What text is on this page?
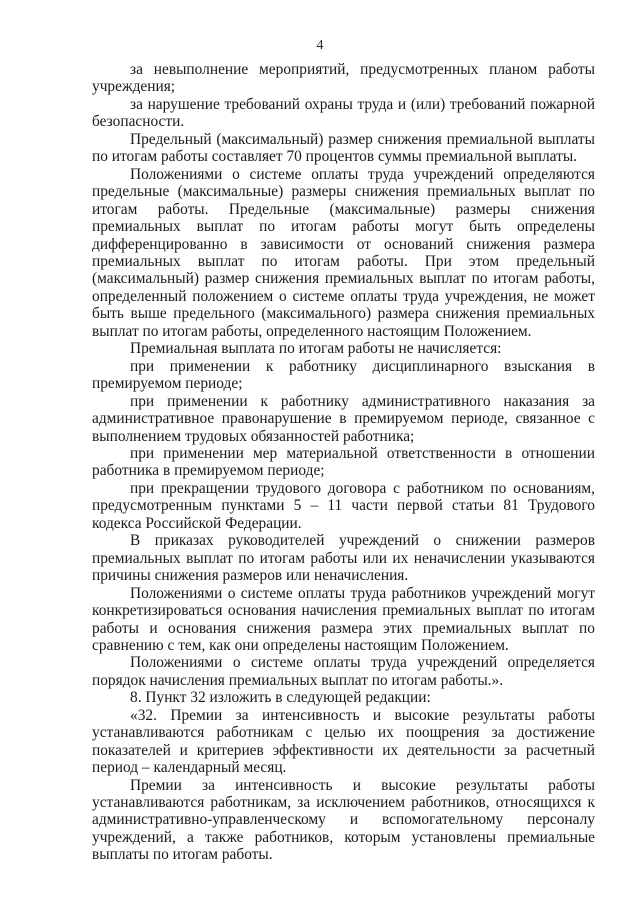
4

за невыполнение мероприятий, предусмотренных планом работы учреждения;

за нарушение требований охраны труда и (или) требований пожарной безопасности.

Предельный (максимальный) размер снижения премиальной выплаты по итогам работы составляет 70 процентов суммы премиальной выплаты.

Положениями о системе оплаты труда учреждений определяются предельные (максимальные) размеры снижения премиальных выплат по итогам работы. Предельные (максимальные) размеры снижения премиальных выплат по итогам работы могут быть определены дифференцированно в зависимости от оснований снижения размера премиальных выплат по итогам работы. При этом предельный (максимальный) размер снижения премиальных выплат по итогам работы, определенный положением о системе оплаты труда учреждения, не может быть выше предельного (максимального) размера снижения премиальных выплат по итогам работы, определенного настоящим Положением.

Премиальная выплата по итогам работы не начисляется:

при применении к работнику дисциплинарного взыскания в премируемом периоде;

при применении к работнику административного наказания за административное правонарушение в премируемом периоде, связанное с выполнением трудовых обязанностей работника;

при применении мер материальной ответственности в отношении работника в премируемом периоде;

при прекращении трудового договора с работником по основаниям, предусмотренным пунктами 5 – 11 части первой статьи 81 Трудового кодекса Российской Федерации.

В приказах руководителей учреждений о снижении размеров премиальных выплат по итогам работы или их неначислении указываются причины снижения размеров или неначисления.

Положениями о системе оплаты труда работников учреждений могут конкретизироваться основания начисления премиальных выплат по итогам работы и основания снижения размера этих премиальных выплат по сравнению с тем, как они определены настоящим Положением.

Положениями о системе оплаты труда учреждений определяется порядок начисления премиальных выплат по итогам работы.».

8. Пункт 32 изложить в следующей редакции:

«32. Премии за интенсивность и высокие результаты работы устанавливаются работникам с целью их поощрения за достижение показателей и критериев эффективности их деятельности за расчетный период – календарный месяц.

Премии за интенсивность и высокие результаты работы устанавливаются работникам, за исключением работников, относящихся к административно-управленческому и вспомогательному персоналу учреждений, а также работников, которым установлены премиальные выплаты по итогам работы.
